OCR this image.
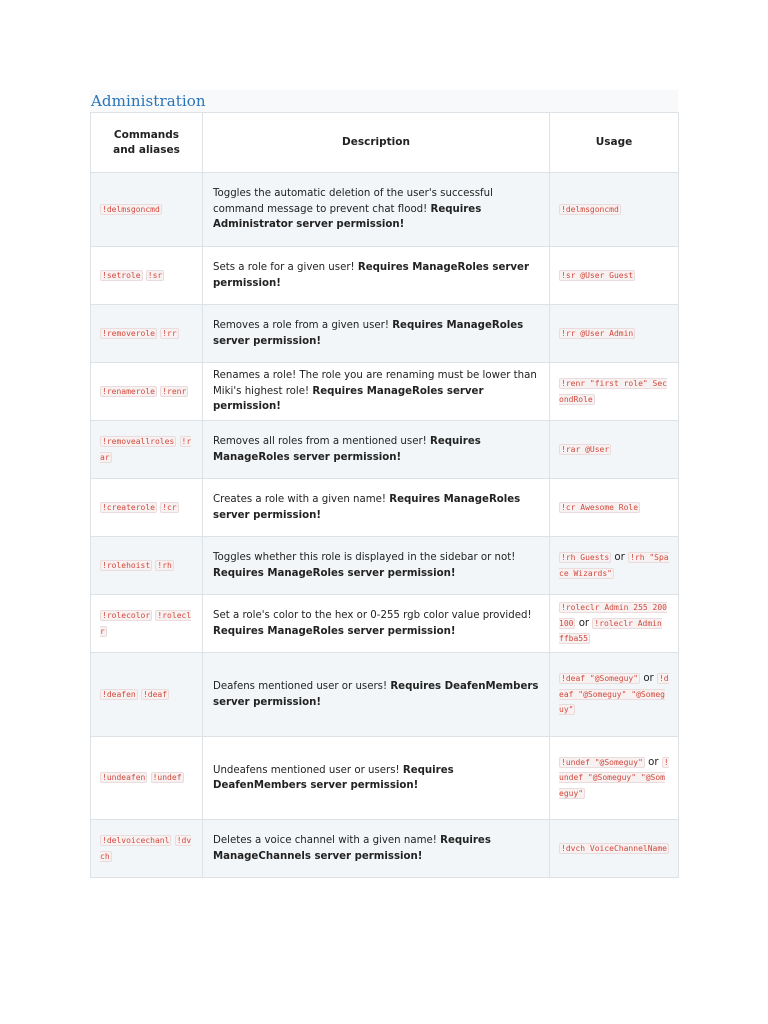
Administration
Commands and aliases	Description	Usage
!delmsgoncmd	Toggles the automatic deletion of the user's successful command message to prevent chat flood! Requires Administrator server permission!	!delmsgoncmd
!setrole !sr	Sets a role for a given user! Requires ManageRoles server permission!	!sr @User Guest
!removerole !rr	Removes a role from a given user! Requires ManageRoles server permission!	!rr @User Admin
!renamerole !renr	Renames a role! The role you are renaming must be lower than Miki's highest role! Requires ManageRoles server permission!	!renr "first role" SecondRole
!removeallroles !rar	Removes all roles from a mentioned user! Requires ManageRoles server permission!	!rar @User
!createrole !cr	Creates a role with a given name! Requires ManageRoles server permission!	!cr Awesome Role
!rolehoist !rh	Toggles whether this role is displayed in the sidebar or not! Requires ManageRoles server permission!	!rh Guests or !rh "Space Wizards"
!rolecolor !roleclr	Set a role's color to the hex or 0-255 rgb color value provided! Requires ManageRoles server permission!	!roleclr Admin 255 200 100 or !roleclr Admin ffba55
!deafen !deaf	Deafens mentioned user or users! Requires DeafenMembers server permission!	!deaf "@Someguy" or !deaf "@Someguy" "@Someguy"
!undeafen !undef	Undeafens mentioned user or users! Requires DeafenMembers server permission!	!undef "@Someguy" or !undef "@Someguy" "@Someguy"
!delvoicechanl !dvch	Deletes a voice channel with a given name! Requires ManageChannels server permission!	!dvch VoiceChannelName
